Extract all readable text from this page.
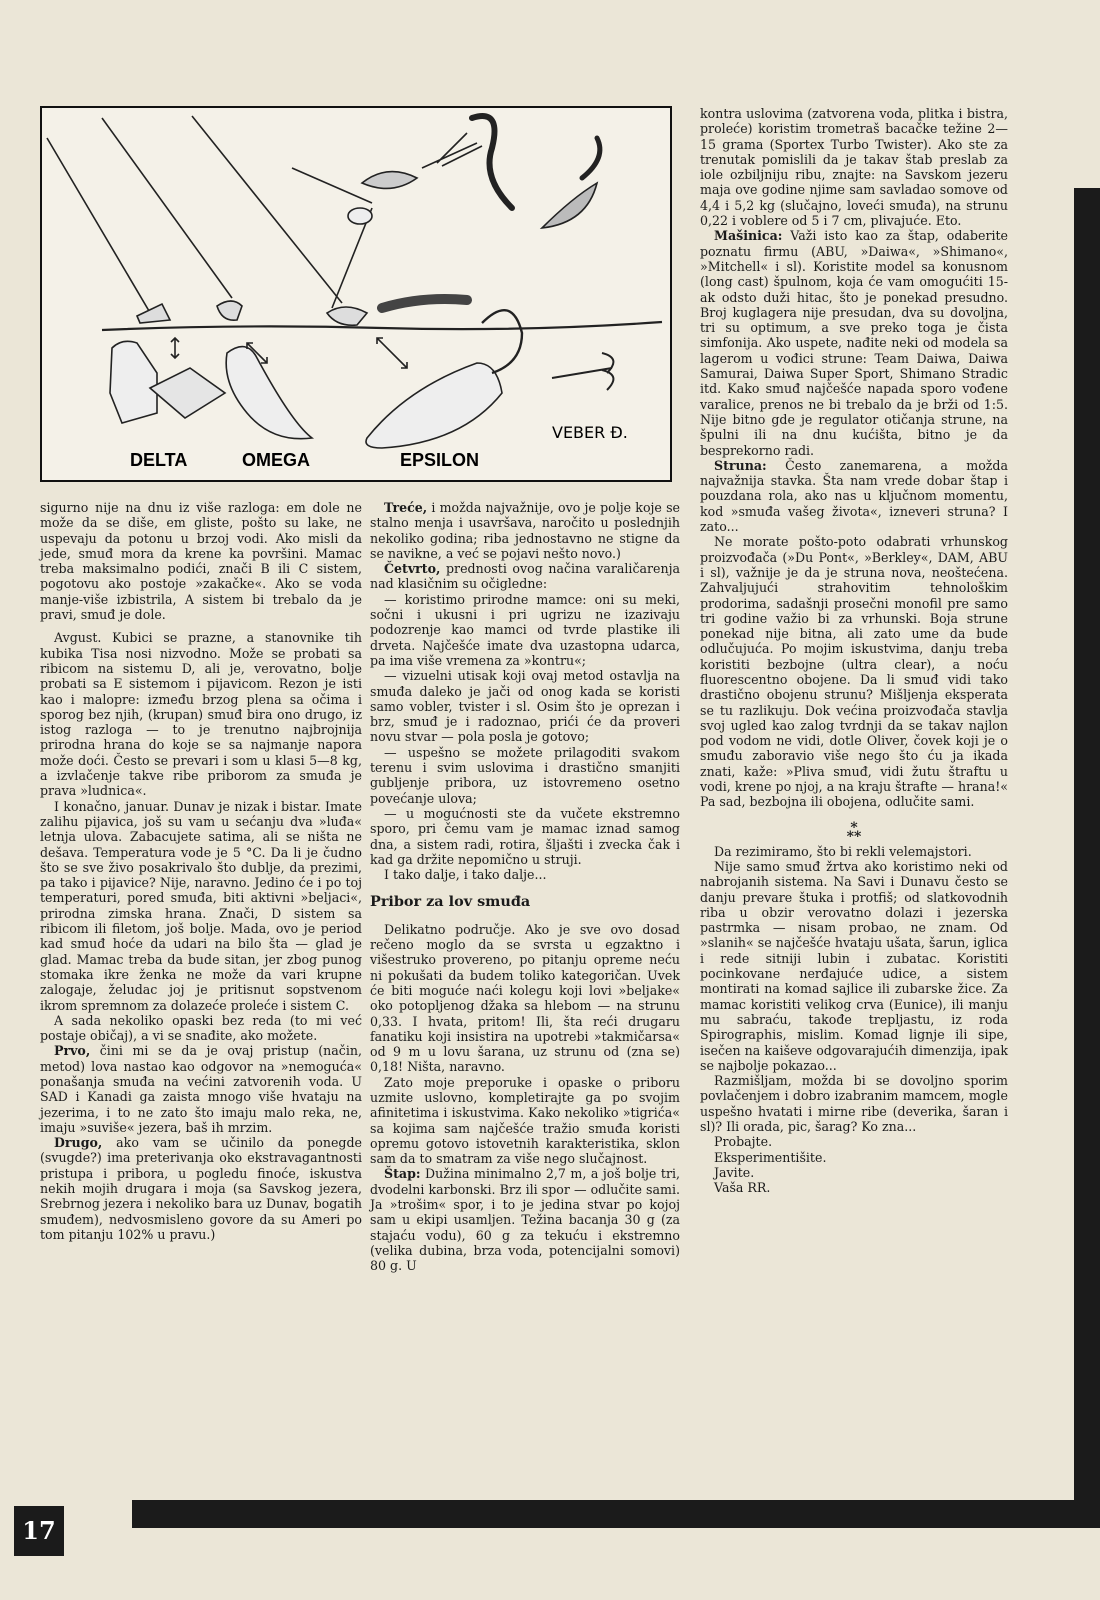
17
DELTA	OMEGA	EPSILON
VEBER Đ.

sigurno nije na dnu iz više razloga: em dole ne može da se diše, em gliste, pošto su lake, ne uspevaju da potonu u brzoj vodi. Ako misli da jede, smuđ mora da krene ka površini. Mamac treba maksimalno podići, znači B ili C sistem, pogotovu ako postoje »zakačke«. Ako se voda manje-više izbistrila, A sistem bi trebalo da je pravi, smuđ je dole.

Avgust. Kubici se prazne, a stanovnike tih kubika Tisa nosi nizvodno. Može se probati sa ribicom na sistemu D, ali je, verovatno, bolje probati sa E sistemom i pijavicom. Rezon je isti kao i malopre: između brzog plena sa očima i sporog bez njih, (krupan) smuđ bira ono drugo, iz istog razloga — to je trenutno najbrojnija prirodna hrana do koje se sa najmanje napora može doći. Često se prevari i som u klasi 5—8 kg, a izvlačenje takve ribe priborom za smuđa je prava »ludnica«.

I konačno, januar. Dunav je nizak i bistar. Imate zalihu pijavica, još su vam u sećanju dva »luđa« letnja ulova. Zabacujete satima, ali se ništa ne dešava. Temperatura vode je 5 °C. Da li je čudno što se sve živo posakrivalo što dublje, da prezimi, pa tako i pijavice? Nije, naravno. Jedino će i po toj temperaturi, pored smuđa, biti aktivni »beljaci«, prirodna zimska hrana. Znači, D sistem sa ribicom ili filetom, još bolje. Mada, ovo je period kad smuđ hoće da udari na bilo šta — glad je glad. Mamac treba da bude sitan, jer zbog punog stomaka ikre ženka ne može da vari krupne zalogaje, želudac joj je pritisnut sopstvenom ikrom spremnom za dolazeće proleće i sistem C.

A sada nekoliko opaski bez reda (to mi već postaje običaj), a vi se snađite, ako možete.

Prvo, čini mi se da je ovaj pristup (način, metod) lova nastao kao odgovor na »nemogućа« ponašanja smuđa na većini zatvorenih voda. U SAD i Kanadi ga zaista mnogo više hvataju na jezerima, i to ne zato što imaju malo reka, ne, imaju »suviše« jezera, baš ih mrzim.

Drugo, ako vam se učinilo da ponegde (svugde?) ima preterivanja oko ekstravagantnosti pristupa i pribora, u pogledu finoće, iskustva nekih mojih drugara i moja (sa Savskog jezera, Srebrnog jezera i nekoliko bara uz Dunav, bogatih smuđem), nedvosmisleno govore da su Ameri po tom pitanju 102% u pravu.)

Treće, i možda najvažnije, ovo je polje koje se stalno menja i usavršava, naročito u poslednjih nekoliko godina; riba jednostavno ne stigne da se navikne, a već se pojavi nešto novo.)

Četvrto, prednosti ovog načina varaličarenja nad klasičnim su očigledne:

— koristimo prirodne mamce: oni su meki, sočni i ukusni i pri ugrizu ne izazivaju podozrenje kao mamci od tvrde plastike ili drveta. Najčešće imate dva uzastopna udarca, pa ima više vremena za »kontru«;

— vizuelni utisak koji ovaj metod ostavlja na smuđa daleko je jači od onog kada se koristi samo vobler, tvister i sl. Osim što je oprezan i brz, smuđ je i radoznao, prići će da proveri novu stvar — pola posla je gotovo;

— uspešno se možete prilagoditi svakom terenu i svim uslovima i drastično smanjiti gubljenje pribora, uz istovremeno osetno povećanje ulova;

— u mogućnosti ste da vučete ekstremno sporo, pri čemu vam je mamac iznad samog dna, a sistem radi, rotira, šljašti i zvecka čak i kad ga držite nepomično u struji.

I tako dalje, i tako dalje...

Pribor za lov smuđa

Delikatno područje. Ako je sve ovo dosad rečeno moglo da se svrsta u egzaktno i višestruko provereno, po pitanju opreme neću ni pokušati da budem toliko kategoričan. Uvek će biti moguće naći kolegu koji lovi »beljake« oko potopljenog džaka sa hlebom — na strunu 0,33. I hvata, pritom! Ili, šta reći drugaru fanatiku koji insistira na upotrebi »takmičarsa« od 9 m u lovu šarana, uz strunu od (zna se) 0,18! Ništa, naravno.

Zato moje preporuke i opaske o priboru uzmite uslovno, kompletirajte ga po svojim afinitetima i iskustvima. Kako nekoliko »tigrića« sa kojima sam najčešće tražio smuđa koristi opremu gotovo istovetnih karakteristika, sklon sam da to smatram za više nego slučajnost.

Štap: Dužina minimalno 2,7 m, a još bolje tri, dvodelni karbonski. Brz ili spor — odlučite sami. Ja »trošim« spor, i to je jedina stvar po kojoj sam u ekipi usamljen. Težina bacanja 30 g (za stajaću vodu), 60 g za tekuću i ekstremno (velika dubina, brza voda, potencijalni somovi) 80 g. U

kontra uslovima (zatvorena voda, plitka i bistra, proleće) koristim trometraš bacačke težine 2—15 grama (Sportex Turbo Twister). Ako ste za trenutak pomislili da je takav štab preslab za iole ozbiljniju ribu, znajte: na Savskom jezeru maja ove godine njime sam savladao somove od 4,4 i 5,2 kg (slučajno, loveći smuđa), na strunu 0,22 i voblere od 5 i 7 cm, plivajuće. Eto.

Mašinica: Važi isto kao za štap, odaberite poznatu firmu (ABU, »Daiwa«, »Shimano«, »Mitchell« i sl). Koristite model sa konusnom (long cast) špulnom, koja će vam omogućiti 15-ak odsto duži hitac, što je ponekad presudno. Broj kuglagera nije presudan, dva su dovoljna, tri su optimum, a sve preko toga je čista simfonija. Ako uspete, nađite neki od modela sa lagerom u vođici strune: Team Daiwa, Daiwa Samurai, Daiwa Super Sport, Shimano Stradic itd. Kako smuđ najčešće napada sporo vođene varalice, prenos ne bi trebalo da je brži od 1:5. Nije bitno gde je regulator otičanja strune, na špulni ili na dnu kućišta, bitno je da besprekorno radi.

Struna: Često zanemarena, a možda najvažnija stavka. Šta nam vrede dobar štap i pouzdana rola, ako nas u ključnom momentu, kod »smuđa vašeg života«, izneveri struna? I zato...

Ne morate pošto-poto odabrati vrhunskog proizvođača (»Du Pont«, »Berkley«, DAM, ABU i sl), važnije je da je struna nova, neoštećena. Zahvaljujući strahovitim tehnološkim prodorima, sadašnji prosečni monofil pre samo tri godine važio bi za vrhunski. Boja strune ponekad nije bitna, ali zato ume da bude odlučujuća. Po mojim iskustvima, danju treba koristiti bezbojne (ultra clear), a noću fluorescentno obojene. Da li smuđ vidi tako drastično obojenu strunu? Mišljenja eksperata se tu razlikuju. Dok većina proizvođača stavlja svoj ugled kao zalog tvrdnji da se takav najlon pod vodom ne vidi, dotle Oliver, čovek koji je o smuđu zaboravio više nego što ću ja ikada znati, kaže: »Pliva smuđ, vidi žutu štraftu u vodi, krene po njoj, a na kraju štrafte — hrana!« Pa sad, bezbojna ili obojena, odlučite sami.

*
**

Da rezimiramo, što bi rekli velemajstori.

Nije samo smuđ žrtva ako koristimo neki od nabrojanih sistema. Na Savi i Dunavu često se danju prevare štuka i protfiš; od slatkovodnih riba u obzir verovatno dolazi i jezerska pastrmka — nisam probao, ne znam. Od »slanih« se najčešće hvataju ušata, šarun, iglica i rede sitniji lubin i zubatac. Koristiti pocinkovane nerđajuće udice, a sistem montirati na komad sajlice ili zubarske žice. Za mamac koristiti velikog crva (Eunice), ili manju mu sabraću, takođe trepljastu, iz roda Spirographis, mislim. Komad lignje ili sipe, isečen na kaiševe odgovarajućih dimenzija, ipak se najbolje pokazao...

Razmišljam, možda bi se dovoljno sporim povlačenjem i dobro izabranim mamcem, mogle uspešno hvatati i mirne ribe (deverika, šaran i sl)? Ili orada, pic, šarag? Ko zna...

Probajte.

Eksperimentišite.

Javite.

Vaša RR.
